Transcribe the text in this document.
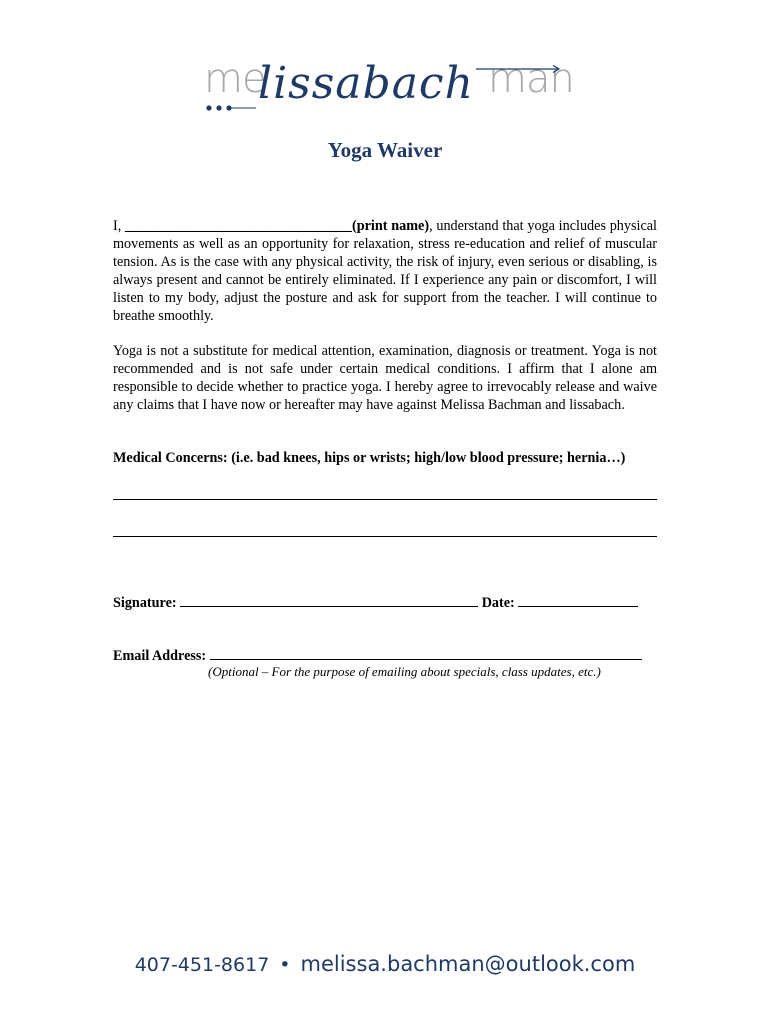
me
lissabach man
Yoga Waiver
I, ________________________________(print name), understand that yoga includes physical movements as well as an opportunity for relaxation, stress re-education and relief of muscular tension. As is the case with any physical activity, the risk of injury, even serious or disabling, is always present and cannot be entirely eliminated. If I experience any pain or discomfort, I will listen to my body, adjust the posture and ask for support from the teacher. I will continue to breathe smoothly.
Yoga is not a substitute for medical attention, examination, diagnosis or treatment. Yoga is not recommended and is not safe under certain medical conditions. I affirm that I alone am responsible to decide whether to practice yoga. I hereby agree to irrevocably release and waive any claims that I have now or hereafter may have against Melissa Bachman and lissabach.
Medical Concerns: (i.e. bad knees, hips or wrists; high/low blood pressure; hernia…)
Signature:	Date:
Email Address:
(Optional – For the purpose of emailing about specials, class updates, etc.)
407-451-8617 • melissa.bachman@outlook.com
